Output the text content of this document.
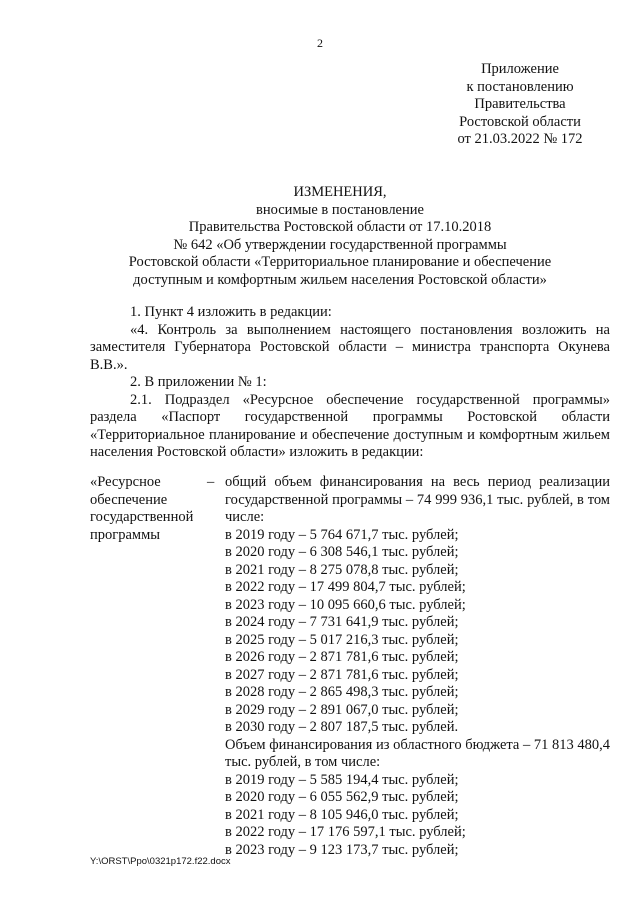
2
Приложение
к постановлению
Правительства
Ростовской области
от 21.03.2022 № 172
ИЗМЕНЕНИЯ,
вносимые в постановление
Правительства Ростовской области от 17.10.2018
№ 642 «Об утверждении государственной программы
Ростовской области «Территориальное планирование и обеспечение
доступным и комфортным жильем населения Ростовской области»

1. Пункт 4 изложить в редакции:

«4. Контроль за выполнением настоящего постановления возложить на заместителя Губернатора Ростовской области – министра транспорта Окунева В.В.».

2. В приложении № 1:

2.1. Подраздел «Ресурсное обеспечение государственной программы» раздела «Паспорт государственной программы Ростовской области «Территориальное планирование и обеспечение доступным и комфортным жильем населения Ростовской области» изложить в редакции:

«Ресурсное обеспечение государственной программы
– общий объем финансирования на весь период реализации государственной программы – 74 999 936,1 тыс. рублей, в том числе:

в 2019 году – 5 764 671,7 тыс. рублей;
в 2020 году – 6 308 546,1 тыс. рублей;
в 2021 году – 8 275 078,8 тыс. рублей;
в 2022 году – 17 499 804,7 тыс. рублей;
в 2023 году – 10 095 660,6 тыс. рублей;
в 2024 году – 7 731 641,9 тыс. рублей;
в 2025 году – 5 017 216,3 тыс. рублей;
в 2026 году – 2 871 781,6 тыс. рублей;
в 2027 году – 2 871 781,6 тыс. рублей;
в 2028 году – 2 865 498,3 тыс. рублей;
в 2029 году – 2 891 067,0 тыс. рублей;
в 2030 году – 2 807 187,5 тыс. рублей.

Объем финансирования из областного бюджета – 71 813 480,4 тыс. рублей, в том числе:

в 2019 году – 5 585 194,4 тыс. рублей;
в 2020 году – 6 055 562,9 тыс. рублей;
в 2021 году – 8 105 946,0 тыс. рублей;
в 2022 году – 17 176 597,1 тыс. рублей;
в 2023 году – 9 123 173,7 тыс. рублей;
Y:\ORST\Ppo\0321p172.f22.docx
